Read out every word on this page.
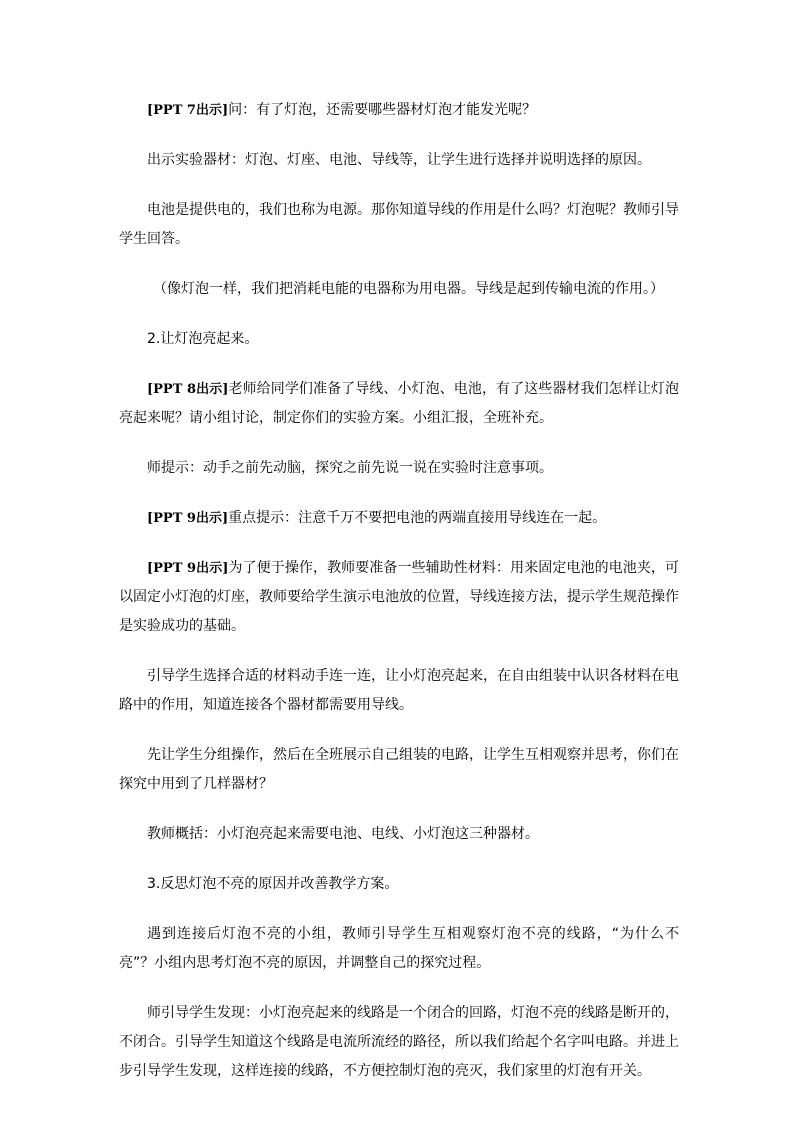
[PPT 7出示]问：有了灯泡，还需要哪些器材灯泡才能发光呢？

出示实验器材：灯泡、灯座、电池、导线等，让学生进行选择并说明选择的原因。

电池是提供电的，我们也称为电源。那你知道导线的作用是什么吗？灯泡呢？教师引导学生回答。

（像灯泡一样，我们把消耗电能的电器称为用电器。导线是起到传输电流的作用。）

2.让灯泡亮起来。

[PPT 8出示]老师给同学们准备了导线、小灯泡、电池，有了这些器材我们怎样让灯泡亮起来呢？请小组讨论，制定你们的实验方案。小组汇报，全班补充。

师提示：动手之前先动脑，探究之前先说一说在实验时注意事项。

[PPT 9出示]重点提示：注意千万不要把电池的两端直接用导线连在一起。

[PPT 9出示]为了便于操作，教师要准备一些辅助性材料：用来固定电池的电池夹，可以固定小灯泡的灯座，教师要给学生演示电池放的位置，导线连接方法，提示学生规范操作是实验成功的基础。

引导学生选择合适的材料动手连一连，让小灯泡亮起来，在自由组装中认识各材料在电路中的作用，知道连接各个器材都需要用导线。

先让学生分组操作，然后在全班展示自己组装的电路，让学生互相观察并思考，你们在探究中用到了几样器材？

教师概括：小灯泡亮起来需要电池、电线、小灯泡这三种器材。

3.反思灯泡不亮的原因并改善教学方案。

遇到连接后灯泡不亮的小组，教师引导学生互相观察灯泡不亮的线路，“为什么不亮”？小组内思考灯泡不亮的原因，并调整自己的探究过程。

师引导学生发现：小灯泡亮起来的线路是一个闭合的回路，灯泡不亮的线路是断开的，不闭合。引导学生知道这个线路是电流所流经的路径，所以我们给起个名字叫电路。并进上步引导学生发现，这样连接的线路，不方便控制灯泡的亮灭，我们家里的灯泡有开关。
